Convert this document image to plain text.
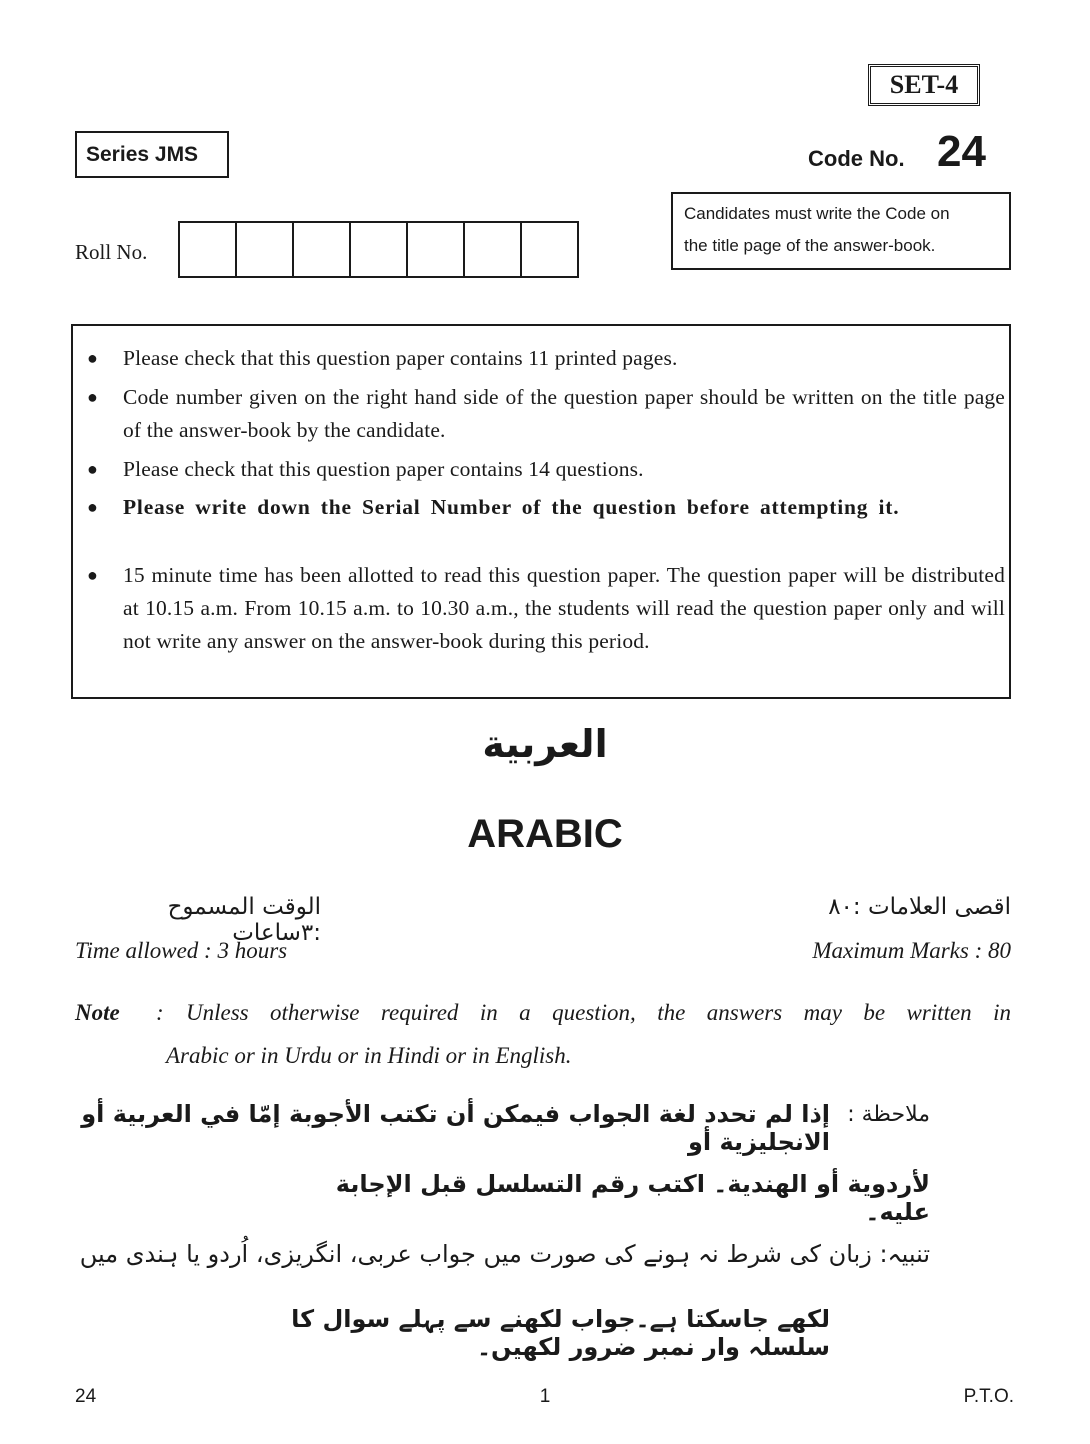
SET-4
Series JMS	Code No. 24
Candidates must write the Code on
the title page of the answer-book.
Roll No.
● Please check that this question paper contains 11 printed pages.
● Code number given on the right hand side of the question paper should be written on the title page of the answer-book by the candidate.
● Please check that this question paper contains 14 questions.
● Please write down the Serial Number of the question before attempting it.
● 15 minute time has been allotted to read this question paper. The question paper will be distributed at 10.15 a.m. From 10.15 a.m. to 10.30 a.m., the students will read the question paper only and will not write any answer on the answer-book during this period.
العربية
ARABIC
الوقت المسموح :٣ساعات
اقصى العلامات :٨٠
Time allowed : 3 hours	Maximum Marks : 80
Note : Unless otherwise required in a question, the answers may be written in
Arabic or in Urdu or in Hindi or in English.
ملاحظة :
إذا لم تحدد لغة الجواب فيمكن أن تكتب الأجوبة إمّا في العربية أو الانجليزية أو
لأردوية أو الهندية۔ اكتب رقم التسلسل قبل الإجابة عليه۔
تنبیہ: زبان کی شرط نہ ہونے کی صورت میں جواب عربی، انگریزی، اُردو یا ہندی میں
لکھے جاسکتا ہے۔جواب لکھنے سے پہلے سوال کا سلسلہ وار نمبر ضرور لکھیں۔
24	1	P.T.O.
